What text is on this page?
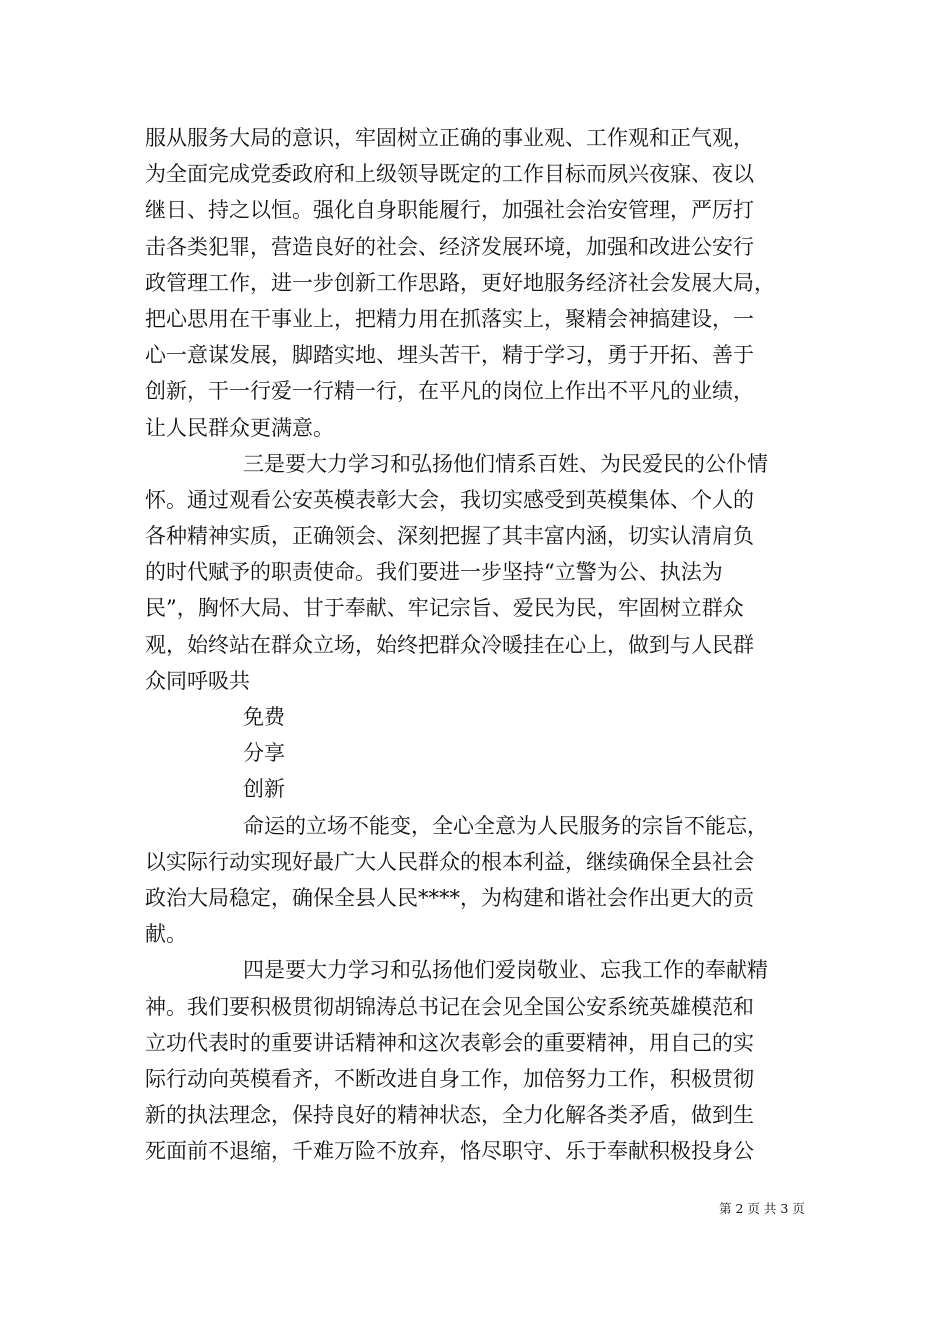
服从服务大局的意识，牢固树立正确的事业观、工作观和正气观，
为全面完成党委政府和上级领导既定的工作目标而夙兴夜寐、夜以
继日、持之以恒。强化自身职能履行，加强社会治安管理，严厉打
击各类犯罪，营造良好的社会、经济发展环境，加强和改进公安行
政管理工作，进一步创新工作思路，更好地服务经济社会发展大局，
把心思用在干事业上，把精力用在抓落实上，聚精会神搞建设，一
心一意谋发展，脚踏实地、埋头苦干，精于学习，勇于开拓、善于
创新，干一行爱一行精一行，在平凡的岗位上作出不平凡的业绩，
让人民群众更满意。
三是要大力学习和弘扬他们情系百姓、为民爱民的公仆情
怀。通过观看公安英模表彰大会，我切实感受到英模集体、个人的
各种精神实质，正确领会、深刻把握了其丰富内涵，切实认清肩负
的时代赋予的职责使命。我们要进一步坚持“立警为公、执法为
民”，胸怀大局、甘于奉献、牢记宗旨、爱民为民，牢固树立群众
观，始终站在群众立场，始终把群众冷暖挂在心上，做到与人民群
众同呼吸共
免费
分享
创新
命运的立场不能变，全心全意为人民服务的宗旨不能忘，
以实际行动实现好最广大人民群众的根本利益，继续确保全县社会
政治大局稳定，确保全县人民****，为构建和谐社会作出更大的贡
献。
四是要大力学习和弘扬他们爱岗敬业、忘我工作的奉献精
神。我们要积极贯彻胡锦涛总书记在会见全国公安系统英雄模范和
立功代表时的重要讲话精神和这次表彰会的重要精神，用自己的实
际行动向英模看齐，不断改进自身工作，加倍努力工作，积极贯彻
新的执法理念，保持良好的精神状态，全力化解各类矛盾，做到生
死面前不退缩，千难万险不放弃，恪尽职守、乐于奉献积极投身公
第 2 页 共 3 页
